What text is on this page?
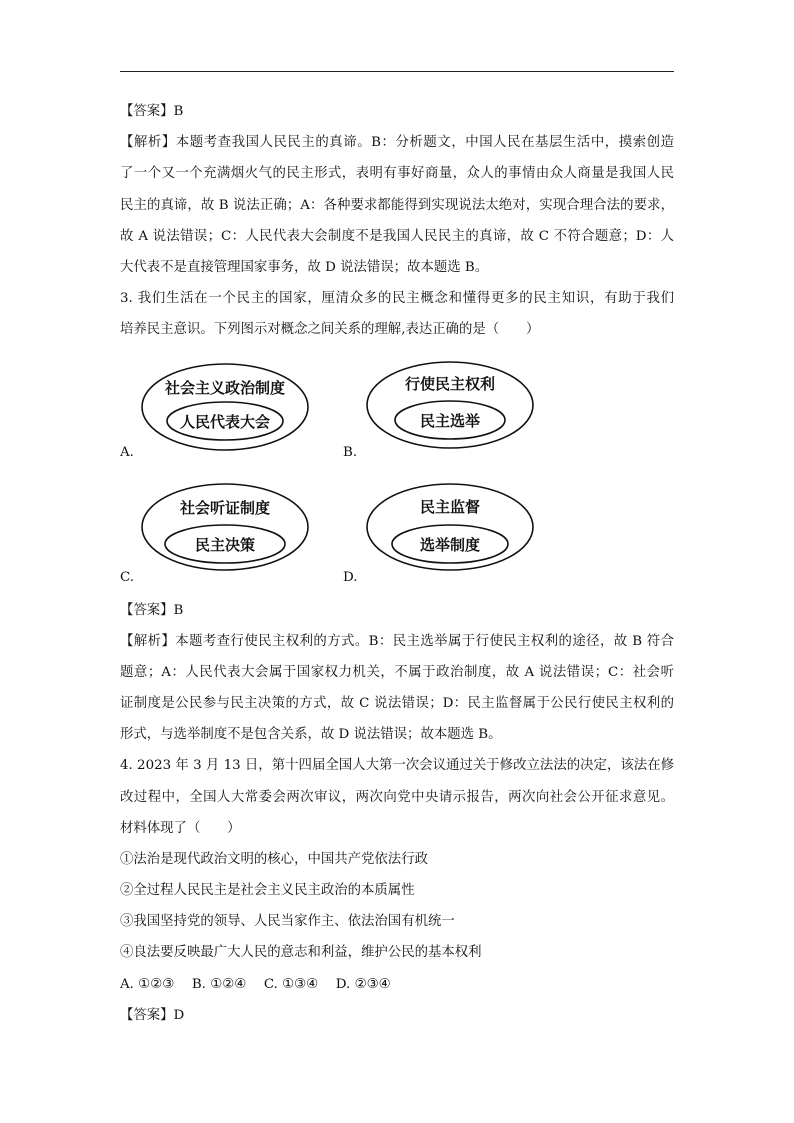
【答案】B
【解析】本题考查我国人民民主的真谛。B：分析题文，中国人民在基层生活中，摸索创造
了一个又一个充满烟火气的民主形式，表明有事好商量，众人的事情由众人商量是我国人民
民主的真谛，故 B 说法正确；A：各种要求都能得到实现说法太绝对，实现合理合法的要求，
故 A 说法错误；C：人民代表大会制度不是我国人民民主的真谛，故 C 不符合题意；D：人
大代表不是直接管理国家事务，故 D 说法错误；故本题选 B。
3. 我们生活在一个民主的国家，厘清众多的民主概念和懂得更多的民主知识，有助于我们
培养民主意识。下列图示对概念之间关系的理解,表达正确的是（　　）
社会主义政治制度
人民代表大会
A.
行使民主权利
民主选举
B.
社会听证制度
民主决策
C.
民主监督
选举制度
D.
【答案】B
【解析】本题考查行使民主权利的方式。B：民主选举属于行使民主权利的途径，故 B 符合
题意；A：人民代表大会属于国家权力机关，不属于政治制度，故 A 说法错误；C：社会听
证制度是公民参与民主决策的方式，故 C 说法错误；D：民主监督属于公民行使民主权利的
形式，与选举制度不是包含关系，故 D 说法错误；故本题选 B。
4. 2023 年 3 月 13 日，第十四届全国人大第一次会议通过关于修改立法法的决定，该法在修
改过程中，全国人大常委会两次审议，两次向党中央请示报告，两次向社会公开征求意见。
材料体现了（　　）
①法治是现代政治文明的核心，中国共产党依法行政
②全过程人民民主是社会主义民主政治的本质属性
③我国坚持党的领导、人民当家作主、依法治国有机统一
④良法要反映最广大人民的意志和利益，维护公民的基本权利
A. ①②③　 B. ①②④　 C. ①③④　 D. ②③④
【答案】D
